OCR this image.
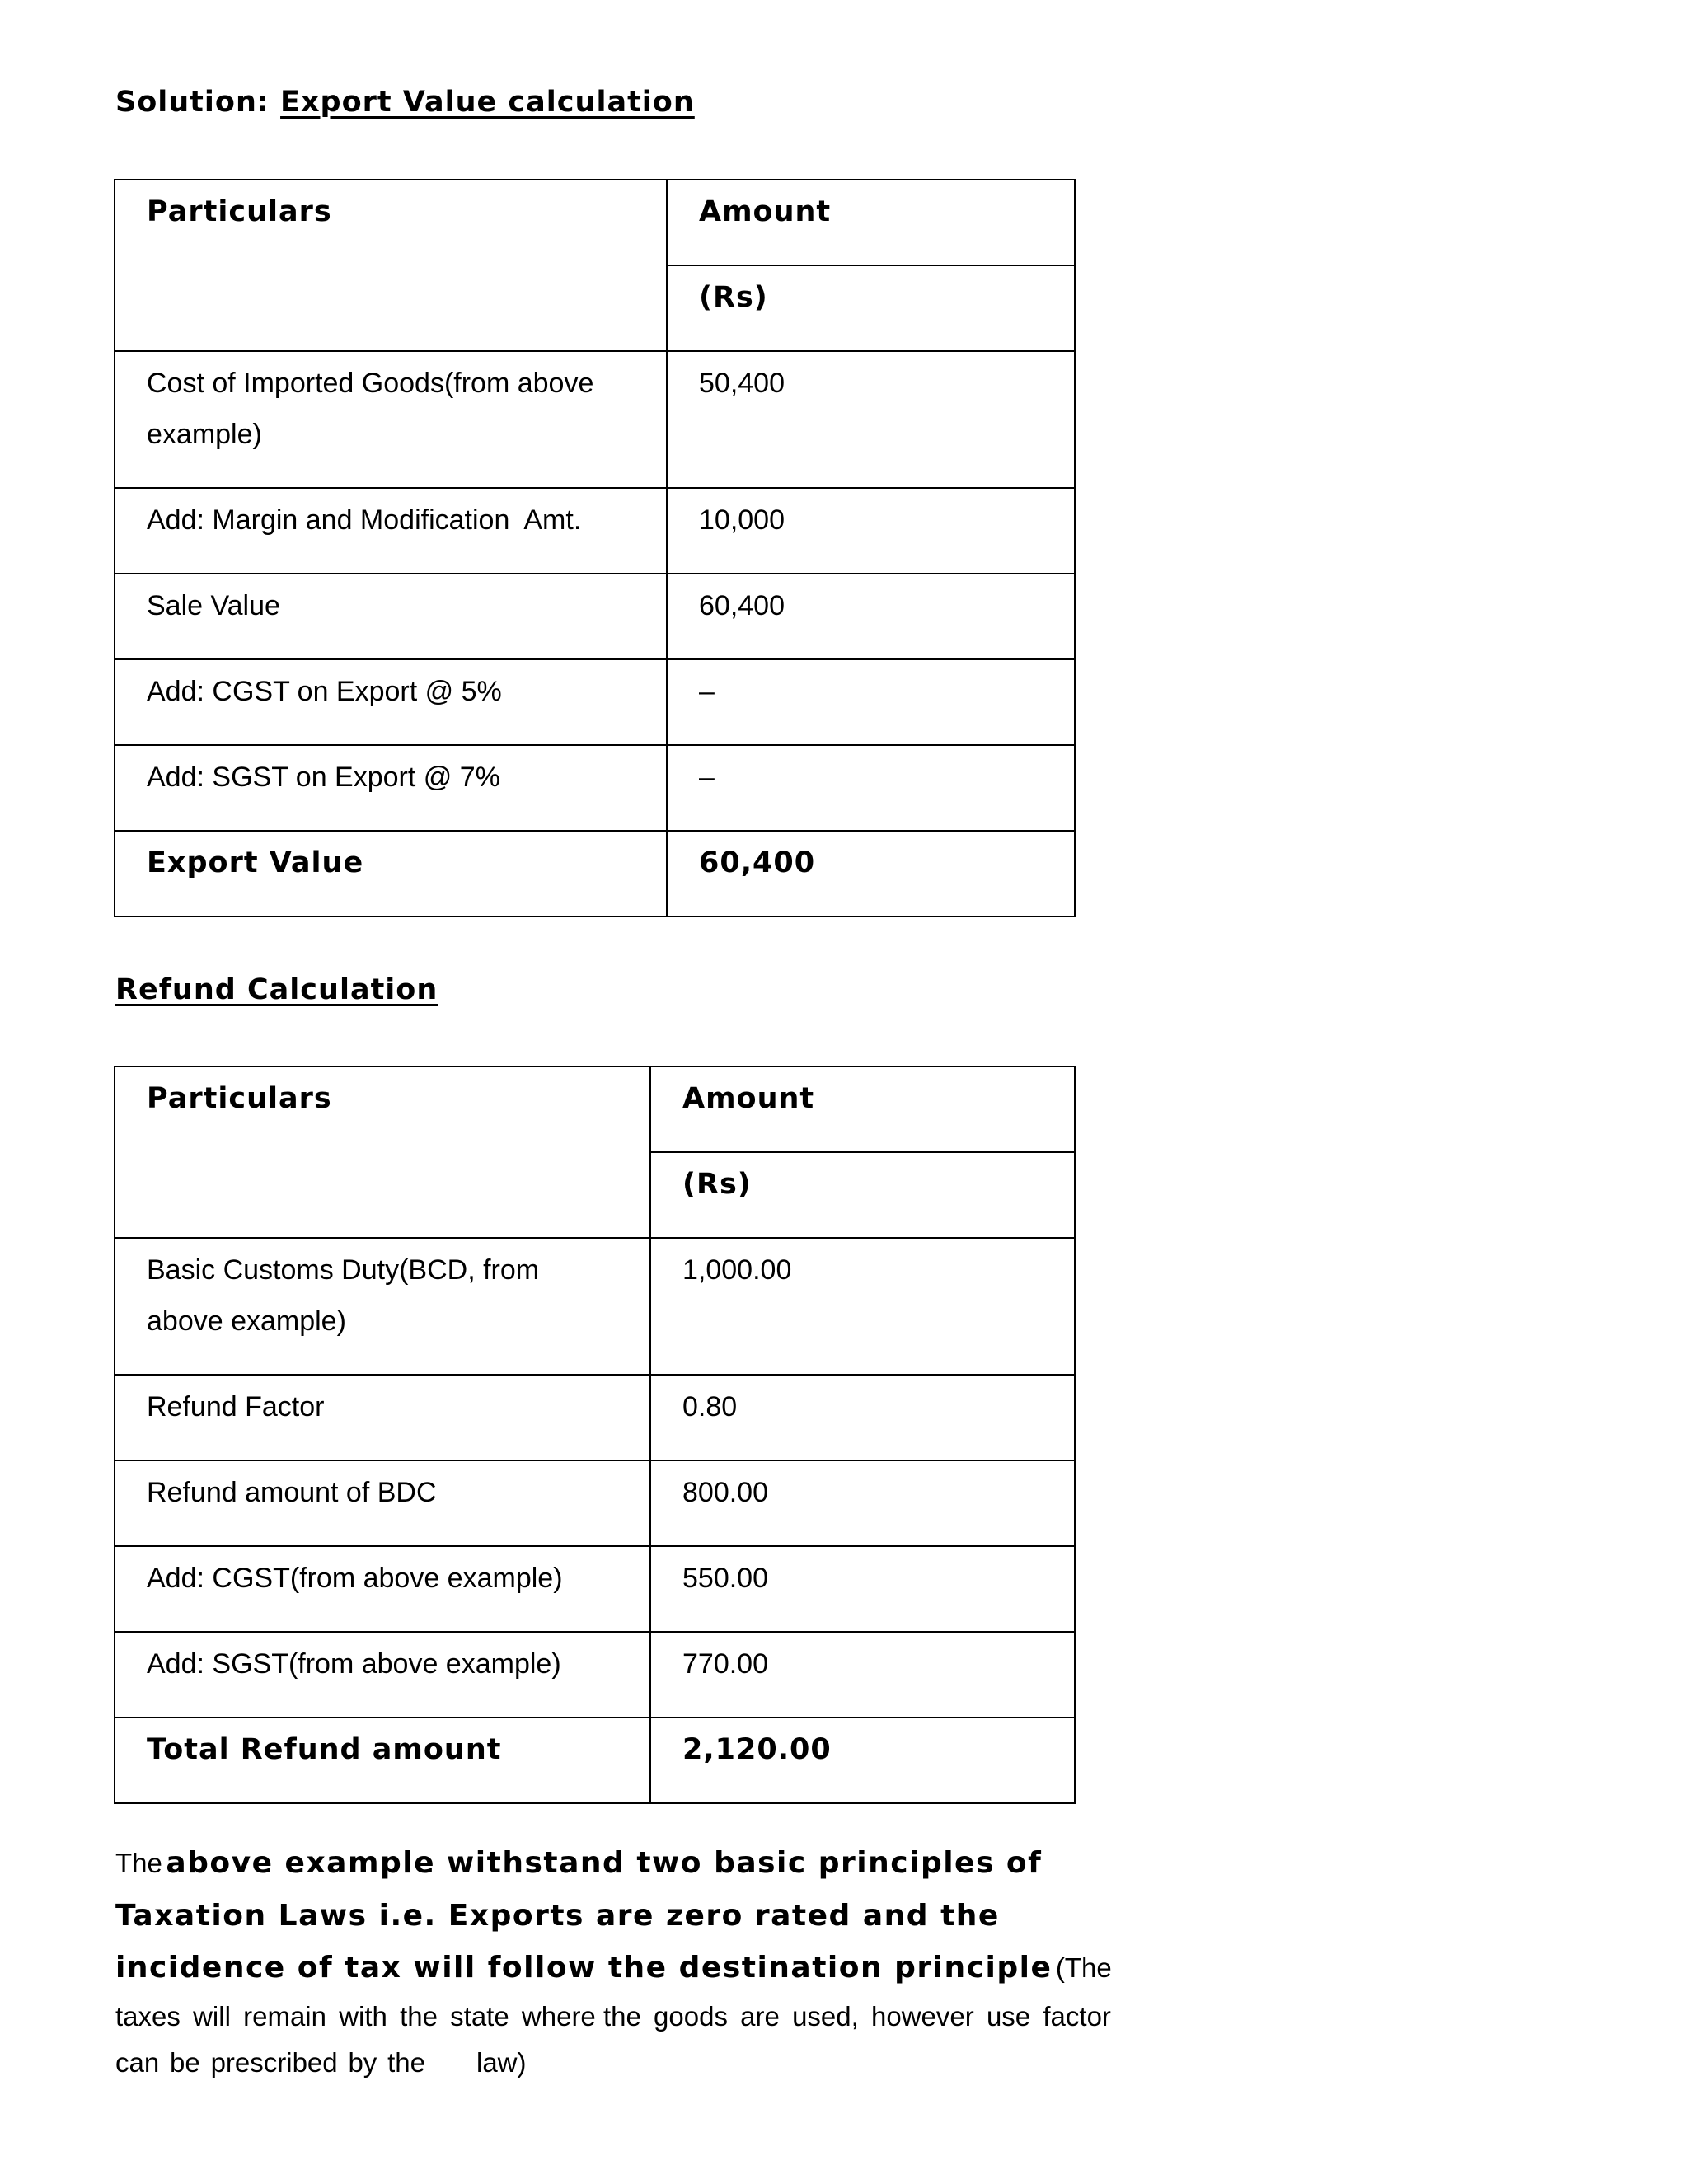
Solution: Export Value calculation
Particulars	Amount

	(Rs)

Cost of Imported Goods(from above
example)	50,400

Add: Margin and Modification  Amt.	10,000

Sale Value	60,400

Add: CGST on Export @ 5%	–

Add: SGST on Export @ 7%	–

Export Value	60,400
Refund Calculation
Particulars	Amount

	(Rs)

Basic Customs Duty(BCD, from
above example)	1,000.00

Refund Factor	0.80

Refund amount of BDC	800.00

Add: CGST(from above example)	550.00

Add: SGST(from above example)	770.00

Total Refund amount	2,120.00
The above example withstand two basic principles of
Taxation Laws i.e. Exports are zero rated and the
incidence of tax will follow the destination principle (The
taxes will remain with the state where the goods are used, however use factor
can be prescribed by the law)
